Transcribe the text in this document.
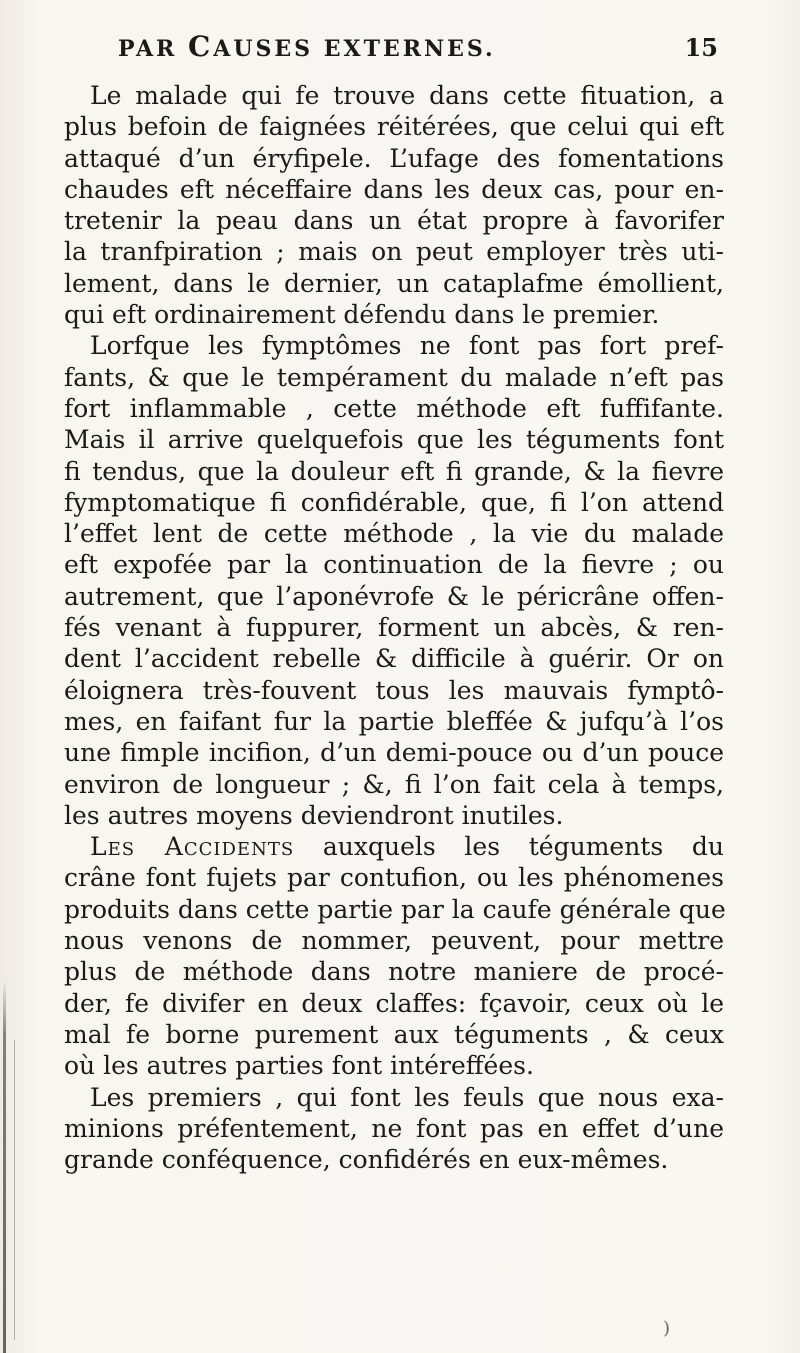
PAR CAUSES EXTERNES.	15

Le malade qui fe trouve dans cette fituation, a

plus befoin de faignées réitérées, que celui qui eft

attaqué d’un éryfipele. L’ufage des fomentations

chaudes eft néceffaire dans les deux cas, pour en-

tretenir la peau dans un état propre à favorifer

la tranfpiration ; mais on peut employer très uti-

lement, dans le dernier, un cataplafme émollient,

qui eft ordinairement défendu dans le premier.

Lorfque les fymptômes ne font pas fort pref-

fants, & que le tempérament du malade n’eft pas

fort inflammable , cette méthode eft fuffifante.

Mais il arrive quelquefois que les téguments font

fi tendus, que la douleur eft fi grande, & la fievre

fymptomatique fi confidérable, que, fi l’on attend

l’effet lent de cette méthode , la vie du malade

eft expofée par la continuation de la fievre ; ou

autrement, que l’aponévrofe & le péricrâne offen-

fés venant à fuppurer, forment un abcès, & ren-

dent l’accident rebelle & difficile à guérir. Or on

éloignera très-fouvent tous les mauvais fymptô-

mes, en faifant fur la partie bleffée & jufqu’à l’os

une fimple incifion, d’un demi-pouce ou d’un pouce

environ de longueur ; &, fi l’on fait cela à temps,

les autres moyens deviendront inutiles.

Les Accidents auxquels les téguments du

crâne font fujets par contufion, ou les phénomenes

produits dans cette partie par la caufe générale que

nous venons de nommer, peuvent, pour mettre

plus de méthode dans notre maniere de procé-

der, fe divifer en deux claffes: fçavoir, ceux où le

mal fe borne purement aux téguments , & ceux

où les autres parties font intéreffées.

Les premiers , qui font les feuls que nous exa-

minions préfentement, ne font pas en effet d’une

grande conféquence, confidérés en eux-mêmes.

)
